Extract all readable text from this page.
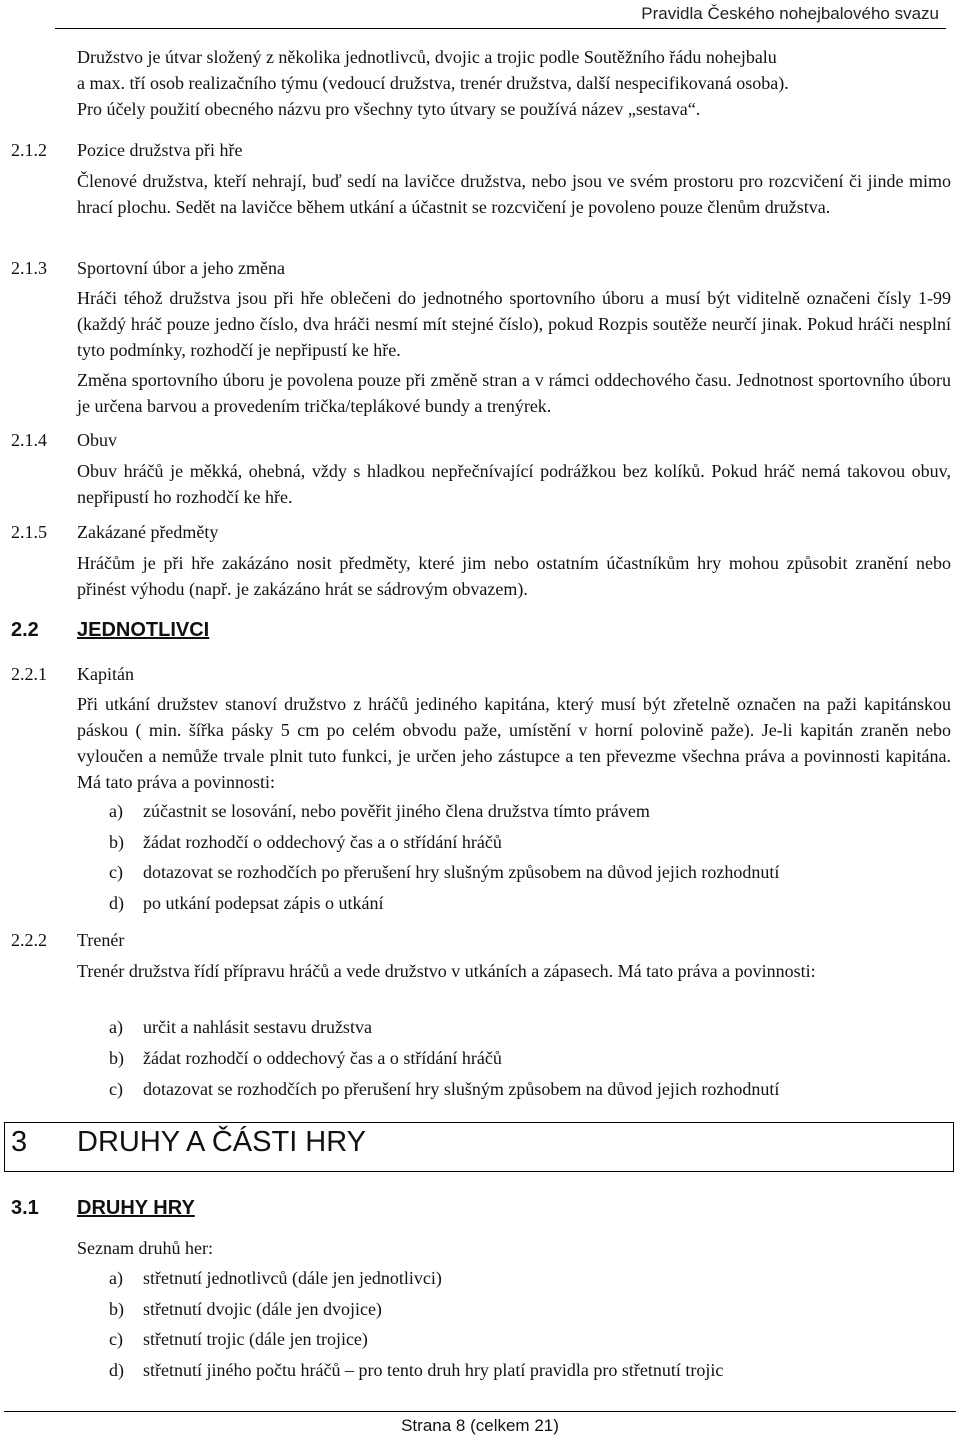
Pravidla Českého nohejbalového svazu
Družstvo je útvar složený z několika jednotlivců, dvojic a trojic podle Soutěžního řádu nohejbalu
a max. tří osob realizačního týmu (vedoucí družstva, trenér družstva, další nespecifikovaná osoba).
Pro účely použití obecného názvu pro všechny tyto útvary se používá název „sestava“.
2.1.2 Pozice družstva při hře
Členové družstva, kteří nehrají, buď sedí na lavičce družstva, nebo jsou ve svém prostoru pro rozcvičení či jinde mimo hrací plochu. Sedět na lavičce během utkání a účastnit se rozcvičení je povoleno pouze členům družstva.
2.1.3 Sportovní úbor a jeho změna
Hráči téhož družstva jsou při hře oblečeni do jednotného sportovního úboru a musí být viditelně označeni čísly 1-99 (každý hráč pouze jedno číslo, dva hráči nesmí mít stejné číslo), pokud Rozpis soutěže neurčí jinak. Pokud hráči nesplní tyto podmínky, rozhodčí je nepřipustí ke hře.
Změna sportovního úboru je povolena pouze při změně stran a v rámci oddechového času. Jednotnost sportovního úboru je určena barvou a provedením trička/teplákové bundy a trenýrek.
2.1.4 Obuv
Obuv hráčů je měkká, ohebná, vždy s hladkou nepřečnívající podrážkou bez kolíků. Pokud hráč nemá takovou obuv, nepřipustí ho rozhodčí ke hře.
2.1.5 Zakázané předměty
Hráčům je při hře zakázáno nosit předměty, které jim nebo ostatním účastníkům hry mohou způsobit zranění nebo přinést výhodu (např. je zakázáno hrát se sádrovým obvazem).
2.2 JEDNOTLIVCI
2.2.1 Kapitán
Při utkání družstev stanoví družstvo z hráčů jediného kapitána, který musí být zřetelně označen na paži kapitánskou páskou ( min. šířka pásky 5 cm po celém obvodu paže, umístění v horní polovině paže). Je-li kapitán zraněn nebo vyloučen a nemůže trvale plnit tuto funkci, je určen jeho zástupce a ten převezme všechna práva a povinnosti kapitána. Má tato práva a povinnosti:
a) zúčastnit se losování, nebo pověřit jiného člena družstva tímto právem
b) žádat rozhodčí o oddechový čas a o střídání hráčů
c) dotazovat se rozhodčích po přerušení hry slušným způsobem na důvod jejich rozhodnutí
d) po utkání podepsat zápis o utkání
2.2.2 Trenér
Trenér družstva řídí přípravu hráčů a vede družstvo v utkáních a zápasech. Má tato práva a povinnosti:
a) určit a nahlásit sestavu družstva
b) žádat rozhodčí o oddechový čas a o střídání hráčů
c) dotazovat se rozhodčích po přerušení hry slušným způsobem na důvod jejich rozhodnutí
3 DRUHY A ČÁSTI HRY
3.1 DRUHY HRY
Seznam druhů her:
a) střetnutí jednotlivců (dále jen jednotlivci)
b) střetnutí dvojic (dále jen dvojice)
c) střetnutí trojic (dále jen trojice)
d) střetnutí jiného počtu hráčů – pro tento druh hry platí pravidla pro střetnutí trojic
Strana 8 (celkem 21)
